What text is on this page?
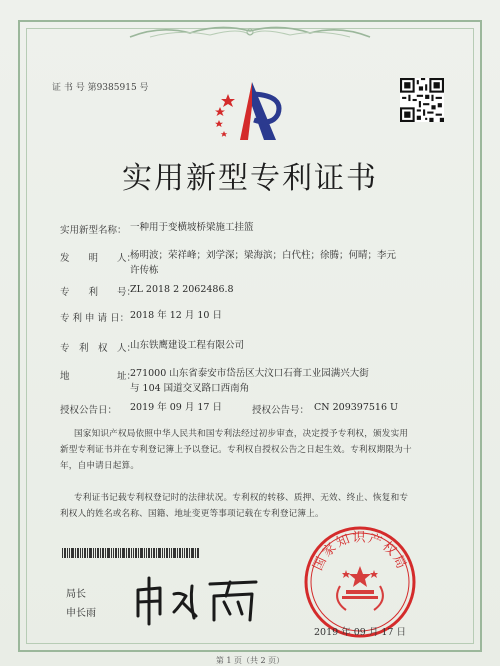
证 书 号 第9385915 号
实用新型专利证书
实用新型名称： 一种用于变横坡桥梁施工挂篮
发　　明　　人：
杨明波；荣祥峰；刘学深；梁海滨；白代柱；徐腾；何晴；李元
许传栋
专　　利　　号：
ZL 2018 2 2062486.8
专 利 申 请 日： 2018 年 12 月 10 日
专　利　权　人：
山东铁鹰建设工程有限公司
地　　　　　址：
271000 山东省泰安市岱岳区大汶口石膏工业园满兴大街
与 104 国道交叉路口西南角
授权公告日： 2019 年 09 月 17 日	授权公告号： CN 209397516 U
国家知识产权局依照中华人民共和国专利法经过初步审查，决定授予专利权，颁发实用
新型专利证书并在专利登记簿上予以登记。专利权自授权公告之日起生效。专利权期限为十
年，自申请日起算。
专利证书记载专利权登记时的法律状况。专利权的转移、质押、无效、终止、恢复和专
利权人的姓名或名称、国籍、地址变更等事项记载在专利登记簿上。
局长
申长雨
国家知识产权局
2019 年 09 月 17 日
第 1 页（共 2 页）
